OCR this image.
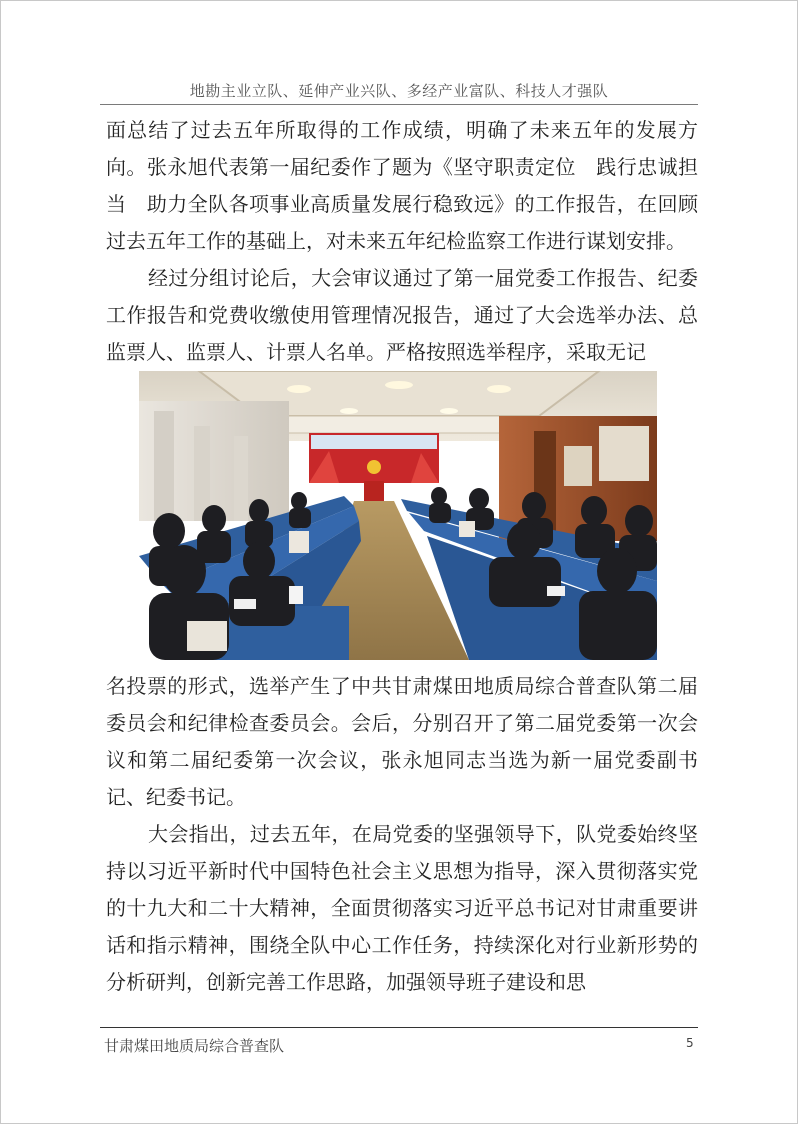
地勘主业立队、延伸产业兴队、多经产业富队、科技人才强队

面总结了过去五年所取得的工作成绩，明确了未来五年的发展方向。张永旭代表第一届纪委作了题为《坚守职责定位　践行忠诚担当　助力全队各项事业高质量发展行稳致远》的工作报告，在回顾过去五年工作的基础上，对未来五年纪检监察工作进行谋划安排。

经过分组讨论后，大会审议通过了第一届党委工作报告、纪委工作报告和党费收缴使用管理情况报告，通过了大会选举办法、总监票人、监票人、计票人名单。严格按照选举程序，采取无记

名投票的形式，选举产生了中共甘肃煤田地质局综合普查队第二届委员会和纪律检查委员会。会后，分别召开了第二届党委第一次会议和第二届纪委第一次会议，张永旭同志当选为新一届党委副书记、纪委书记。

大会指出，过去五年，在局党委的坚强领导下，队党委始终坚持以习近平新时代中国特色社会主义思想为指导，深入贯彻落实党的十九大和二十大精神，全面贯彻落实习近平总书记对甘肃重要讲话和指示精神，围绕全队中心工作任务，持续深化对行业新形势的分析研判，创新完善工作思路，加强领导班子建设和思

甘肃煤田地质局综合普查队	5
